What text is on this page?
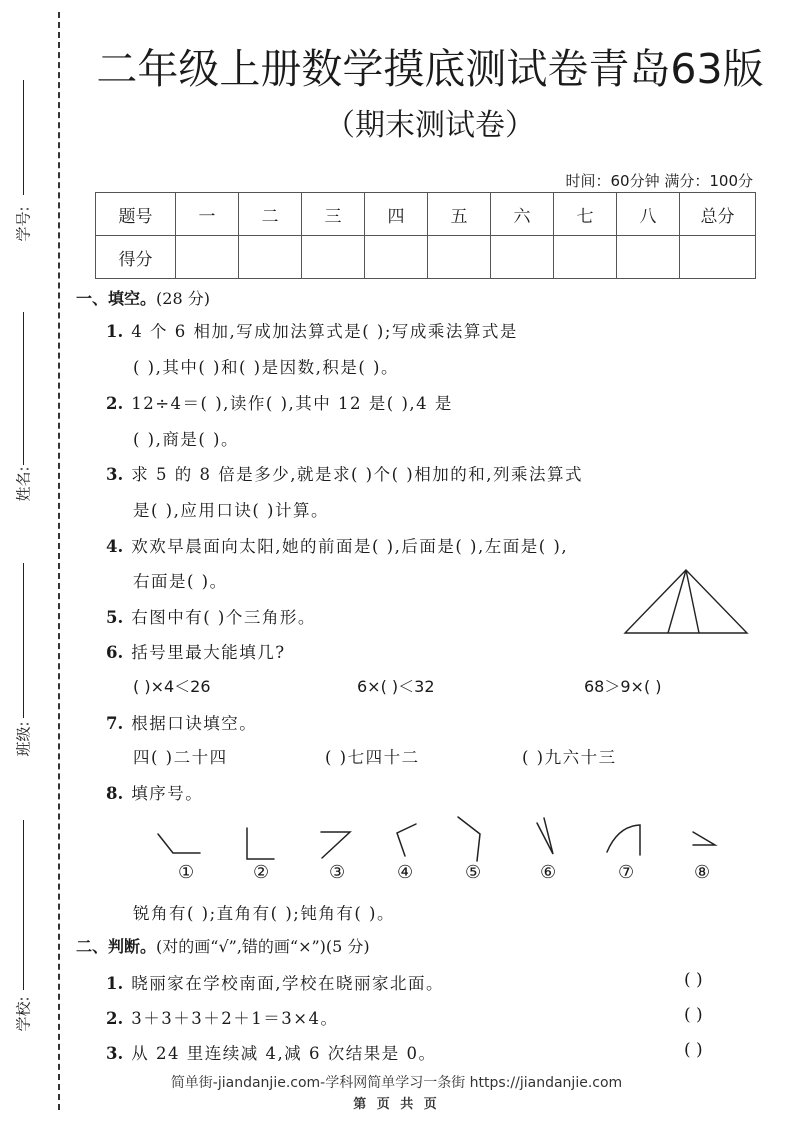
学号:
姓名:
班级:
学校:
二年级上册数学摸底测试卷青岛63版
（期末测试卷）
时间：60分钟 满分：100分
题号	一	二	三	四	五	六	七	八	总分
得分									
一、填空。(28 分)
1. 4 个 6 相加,写成加法算式是( );写成乘法算式是
( ),其中( )和( )是因数,积是( )。
2. 12÷4＝( ),读作( ),其中 12 是( ),4 是
( ),商是( )。
3. 求 5 的 8 倍是多少,就是求( )个( )相加的和,列乘法算式
是( ),应用口诀( )计算。
4. 欢欢早晨面向太阳,她的前面是( ),后面是( ),左面是( ),
右面是( )。
5. 右图中有( )个三角形。
6. 括号里最大能填几?
( )×4＜26	6×( )＜32	68＞9×( )
7. 根据口诀填空。
四( )二十四	( )七四十二	( )九六十三
8. 填序号。
①	②	③	④	⑤	⑥	⑦	⑧
锐角有( );直角有( );钝角有( )。
二、判断。(对的画“√”,错的画“×”)(5 分)
1. 晓丽家在学校南面,学校在晓丽家北面。	( )
2. 3＋3＋3＋2＋1＝3×4。	( )
3. 从 24 里连续减 4,减 6 次结果是 0。	( )
简单街-jiandanjie.com-学科网简单学习一条街 https://jiandanjie.com
第 页 共 页
